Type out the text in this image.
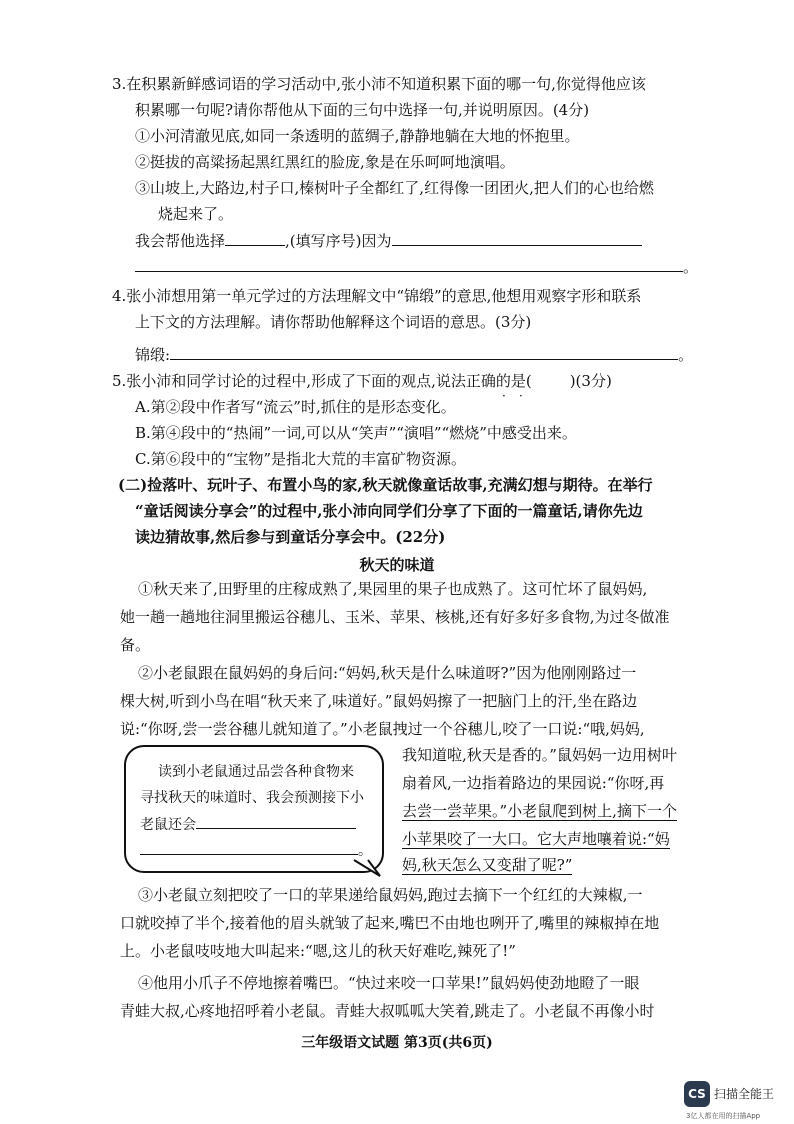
3.在积累新鲜感词语的学习活动中,张小沛不知道积累下面的哪一句,你觉得他应该
积累哪一句呢?请你帮他从下面的三句中选择一句,并说明原因。(4分)
①小河清澈见底,如同一条透明的蓝绸子,静静地躺在大地的怀抱里。
②挺拔的高粱扬起黑红黑红的脸庞,象是在乐呵呵地演唱。
③山坡上,大路边,村子口,榛树叶子全都红了,红得像一团团火,把人们的心也给燃
烧起来了。
我会帮他选择	,(填写序号)因为
。
4.张小沛想用第一单元学过的方法理解文中“锦缎”的意思,他想用观察字形和联系
上下文的方法理解。请你帮助他解释这个词语的意思。(3分)
锦缎:	。
5.张小沛和同学讨论的过程中,形成了下面的观点,说法正确的是(	)(3分)
· ·
A.第②段中作者写“流云”时,抓住的是形态变化。
B.第④段中的“热闹”一词,可以从“笑声”“演唱”“燃烧”中感受出来。
C.第⑥段中的“宝物”是指北大荒的丰富矿物资源。
(二)捡落叶、玩叶子、布置小鸟的家,秋天就像童话故事,充满幻想与期待。在举行
“童话阅读分享会”的过程中,张小沛向同学们分享了下面的一篇童话,请你先边
读边猜故事,然后参与到童话分享会中。(22分)
秋天的味道
①秋天来了,田野里的庄稼成熟了,果园里的果子也成熟了。这可忙坏了鼠妈妈,
她一趟一趟地往洞里搬运谷穗儿、玉米、苹果、核桃,还有好多好多食物,为过冬做准
备。
②小老鼠跟在鼠妈妈的身后问:“妈妈,秋天是什么味道呀?”因为他刚刚路过一
棵大树,听到小鸟在唱“秋天来了,味道好。”鼠妈妈擦了一把脑门上的汗,坐在路边
说:“你呀,尝一尝谷穗儿就知道了。”小老鼠拽过一个谷穗儿,咬了一口说:“哦,妈妈,
我知道啦,秋天是香的。”鼠妈妈一边用树叶
扇着风,一边指着路边的果园说:“你呀,再
去尝一尝苹果。”小老鼠爬到树上,摘下一个
小苹果咬了一大口。它大声地嚷着说:“妈
妈,秋天怎么又变甜了呢?”
读到小老鼠通过品尝各种食物来
寻找秋天的味道时、我会预测接下小
老鼠还会
。
③小老鼠立刻把咬了一口的苹果递给鼠妈妈,跑过去摘下一个红红的大辣椒,一
口就咬掉了半个,接着他的眉头就皱了起来,嘴巴不由地也咧开了,嘴里的辣椒掉在地
上。小老鼠吱吱地大叫起来:“嗯,这儿的秋天好难吃,辣死了!”
④他用小爪子不停地擦着嘴巴。“快过来咬一口苹果!”鼠妈妈使劲地瞪了一眼
青蛙大叔,心疼地招呼着小老鼠。青蛙大叔呱呱大笑着,跳走了。小老鼠不再像小时
三年级语文试题 第3页(共6页)
CS 扫描全能王
3亿人都在用的扫描App
